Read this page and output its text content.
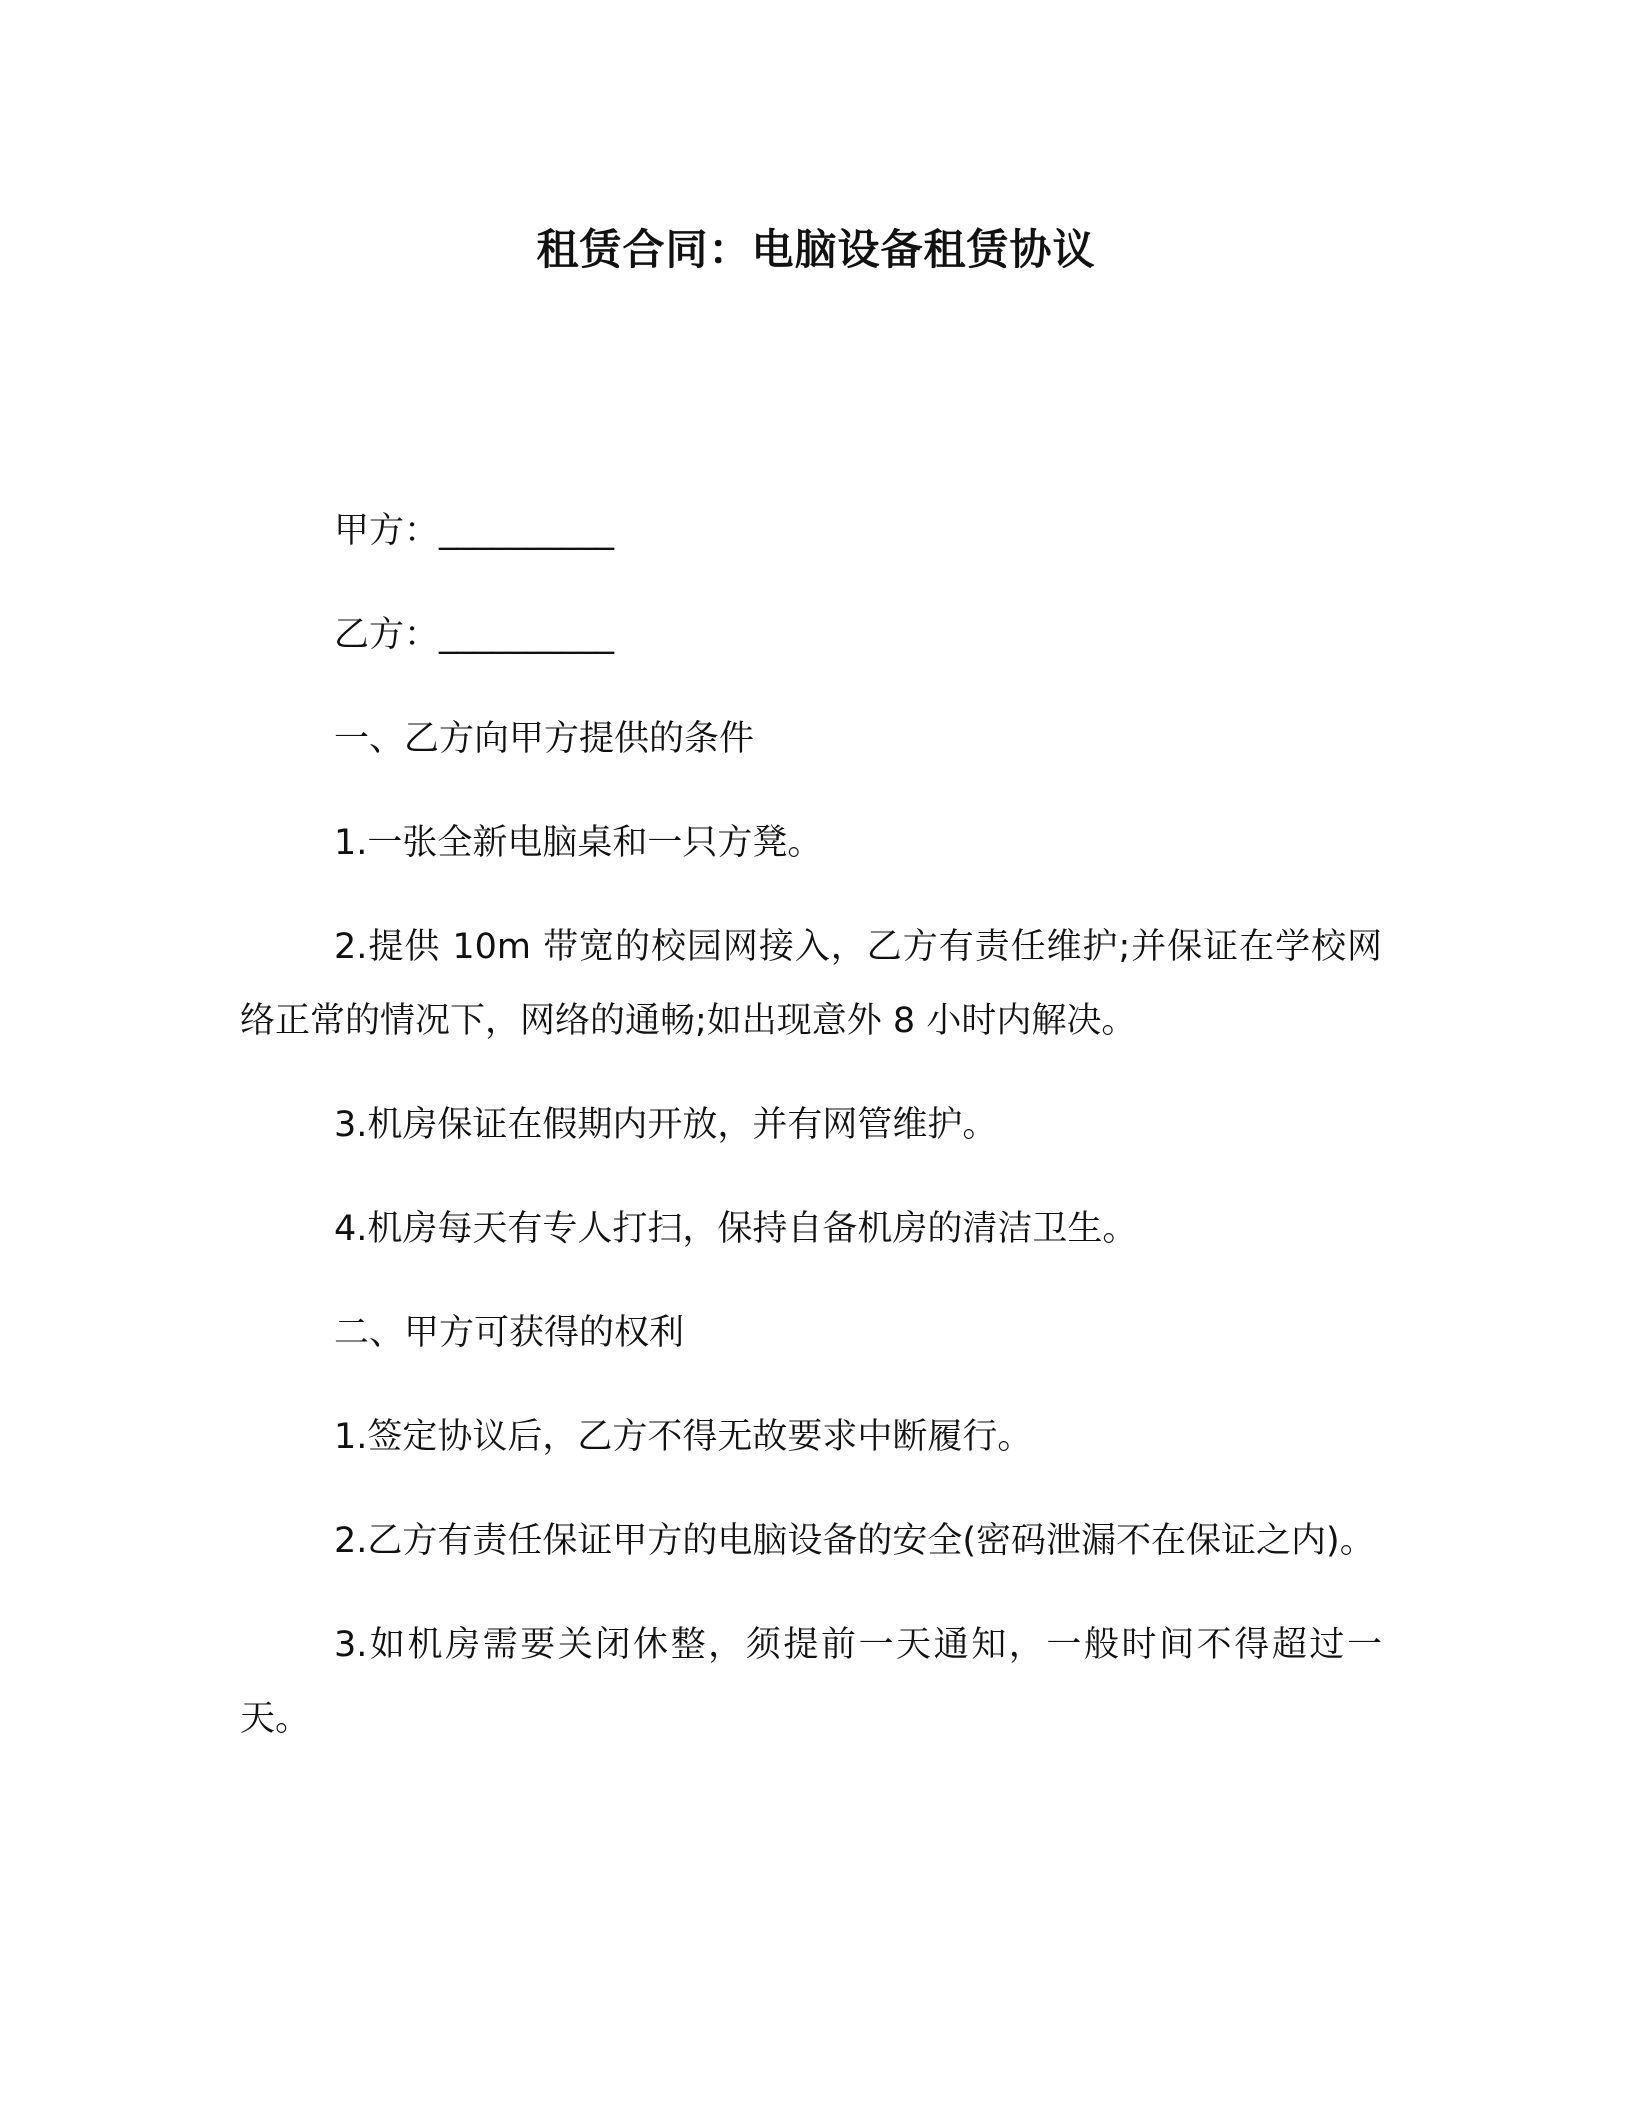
租赁合同：电脑设备租赁协议

甲方：__________

乙方：__________

一、乙方向甲方提供的条件

1.一张全新电脑桌和一只方凳。

2.提供 10m 带宽的校园网接入，乙方有责任维护;并保证在学校网络正常的情况下，网络的通畅;如出现意外 8 小时内解决。

3.机房保证在假期内开放，并有网管维护。

4.机房每天有专人打扫，保持自备机房的清洁卫生。

二、甲方可获得的权利

1.签定协议后，乙方不得无故要求中断履行。

2.乙方有责任保证甲方的电脑设备的安全(密码泄漏不在保证之内)。

3.如机房需要关闭休整，须提前一天通知，一般时间不得超过一天。
